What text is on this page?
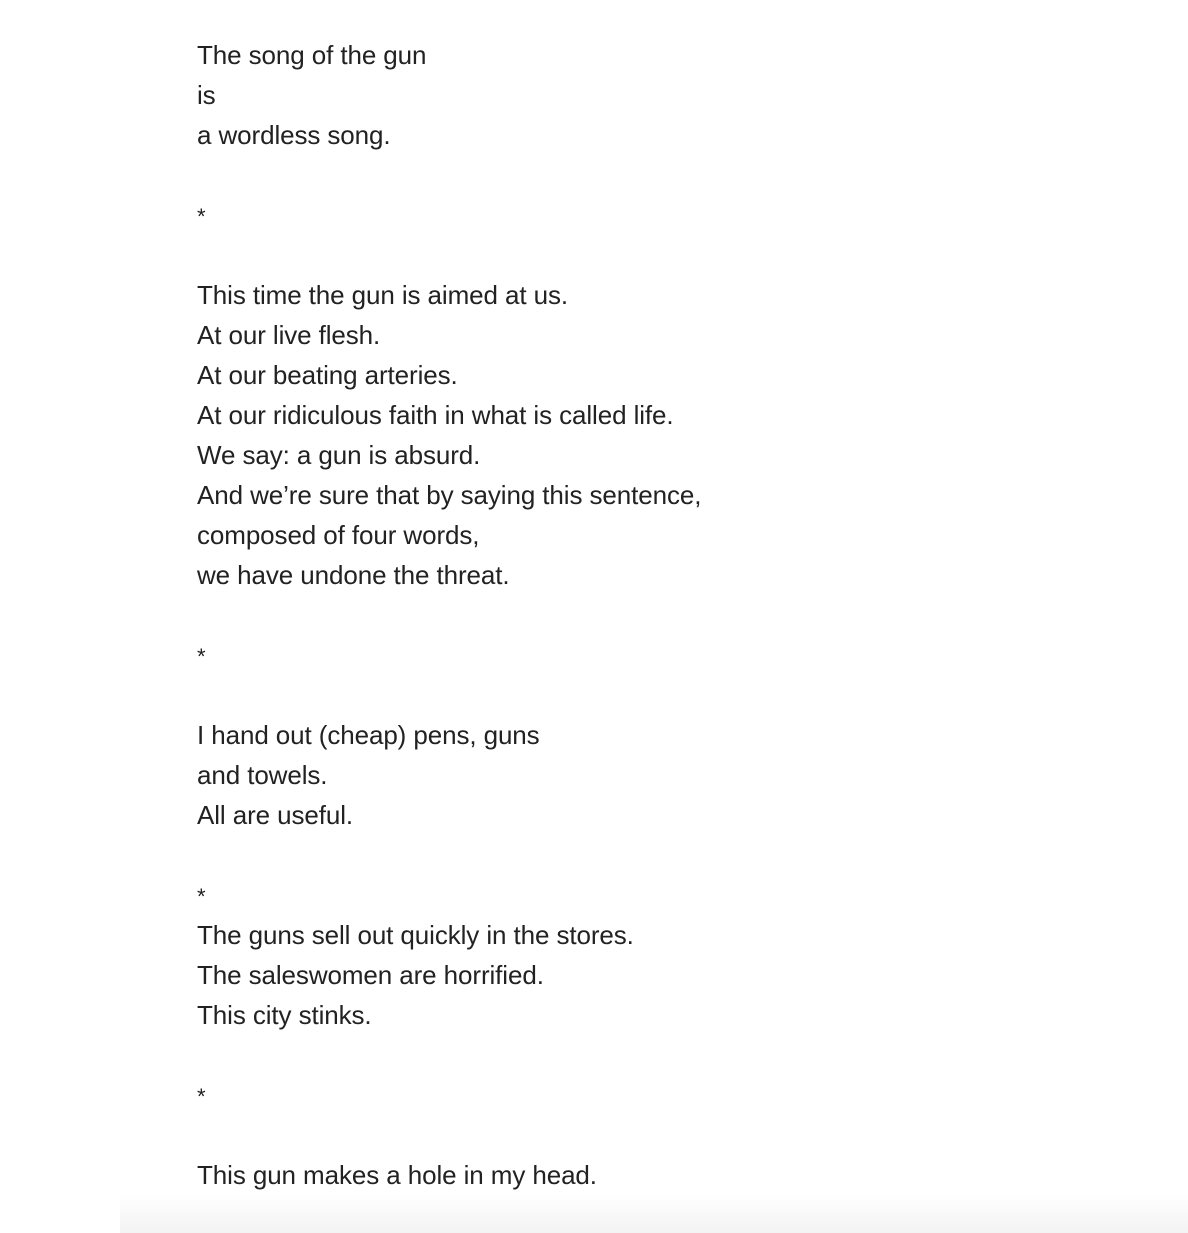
The song of the gun
is
a wordless song.
*
This time the gun is aimed at us.
At our live flesh.
At our beating arteries.
At our ridiculous faith in what is called life.
We say: a gun is absurd.
And we’re sure that by saying this sentence,
composed of four words,
we have undone the threat.
*
I hand out (cheap) pens, guns
and towels.
All are useful.
*
The guns sell out quickly in the stores.
The saleswomen are horrified.
This city stinks.
*
This gun makes a hole in my head.
